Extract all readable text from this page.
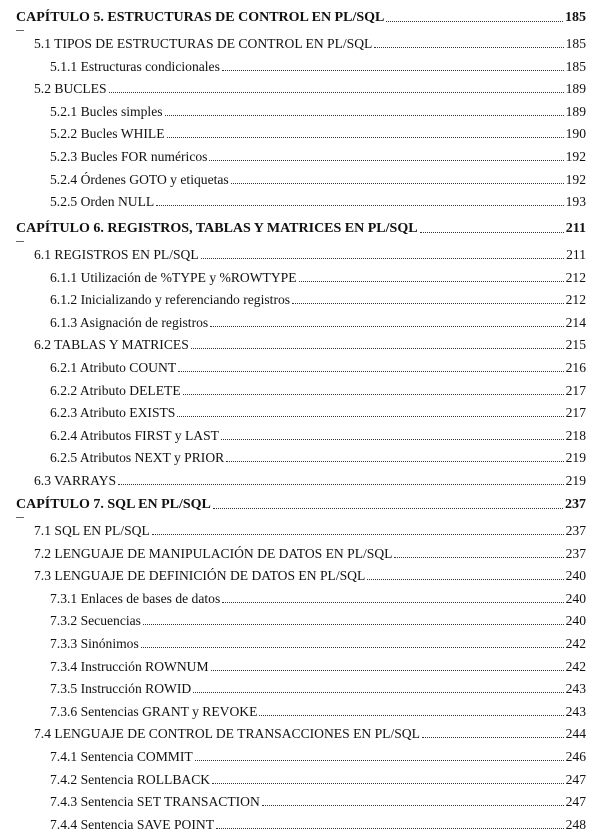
CAPÍTULO 5. ESTRUCTURAS DE CONTROL EN PL/SQL	185
5.1 TIPOS DE ESTRUCTURAS DE CONTROL EN PL/SQL	185
5.1.1 Estructuras condicionales	185
5.2 BUCLES	189
5.2.1 Bucles simples	189
5.2.2 Bucles WHILE	190
5.2.3 Bucles FOR numéricos	192
5.2.4 Órdenes GOTO y etiquetas	192
5.2.5 Orden NULL	193
CAPÍTULO 6. REGISTROS, TABLAS Y MATRICES EN PL/SQL	211
6.1 REGISTROS EN PL/SQL	211
6.1.1 Utilización de %TYPE y %ROWTYPE	212
6.1.2 Inicializando y referenciando registros	212
6.1.3 Asignación de registros	214
6.2 TABLAS Y MATRICES	215
6.2.1 Atributo COUNT	216
6.2.2 Atributo DELETE	217
6.2.3 Atributo EXISTS	217
6.2.4 Atributos FIRST y LAST	218
6.2.5 Atributos NEXT y PRIOR	219
6.3 VARRAYS	219
CAPÍTULO 7. SQL EN PL/SQL	237
7.1 SQL EN PL/SQL	237
7.2 LENGUAJE DE MANIPULACIÓN DE DATOS EN PL/SQL	237
7.3 LENGUAJE DE DEFINICIÓN DE DATOS EN PL/SQL	240
7.3.1 Enlaces de bases de datos	240
7.3.2 Secuencias	240
7.3.3 Sinónimos	242
7.3.4 Instrucción ROWNUM	242
7.3.5 Instrucción ROWID	243
7.3.6 Sentencias GRANT y REVOKE	243
7.4 LENGUAJE DE CONTROL DE TRANSACCIONES EN PL/SQL	244
7.4.1 Sentencia COMMIT	246
7.4.2 Sentencia ROLLBACK	247
7.4.3 Sentencia SET TRANSACTION	247
7.4.4 Sentencia SAVE POINT	248
